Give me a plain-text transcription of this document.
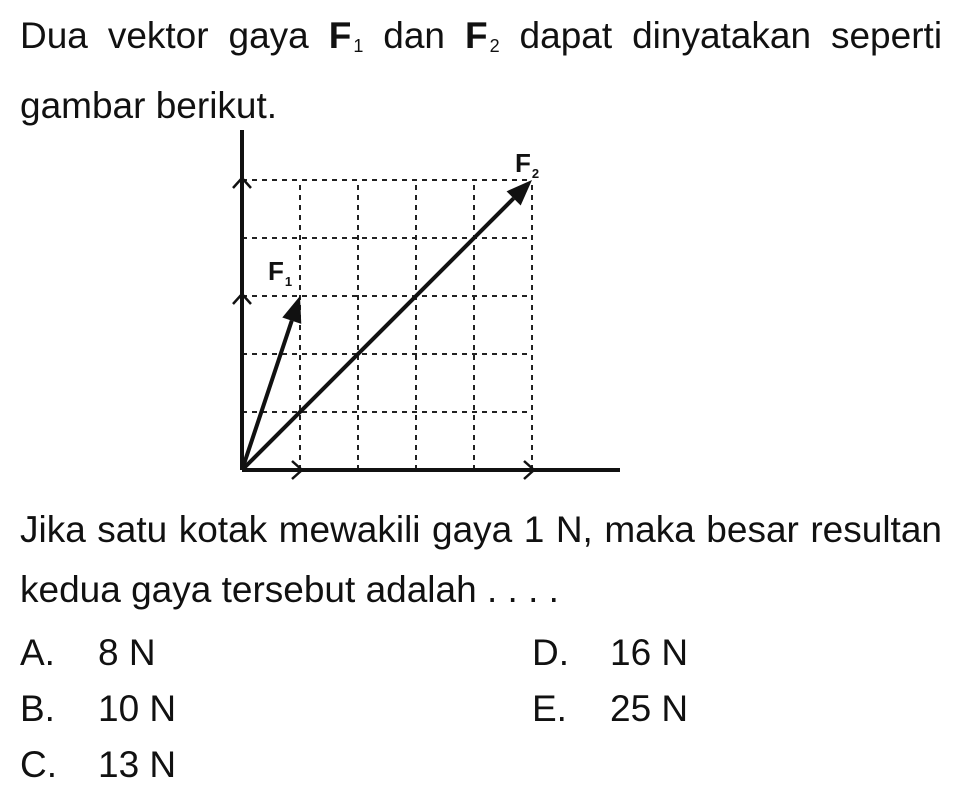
Dua vektor gaya F $_1$ dan F $_2$ dapat dinyatakan seperti gambar berikut.
$F_1$
$F_2$
Jika satu kotak mewakili gaya 1 N, maka besar resultan kedua gaya tersebut adalah . . . .
A. 8 N
B. 10 N
C. 13 N
D. 16 N
E. 25 N
